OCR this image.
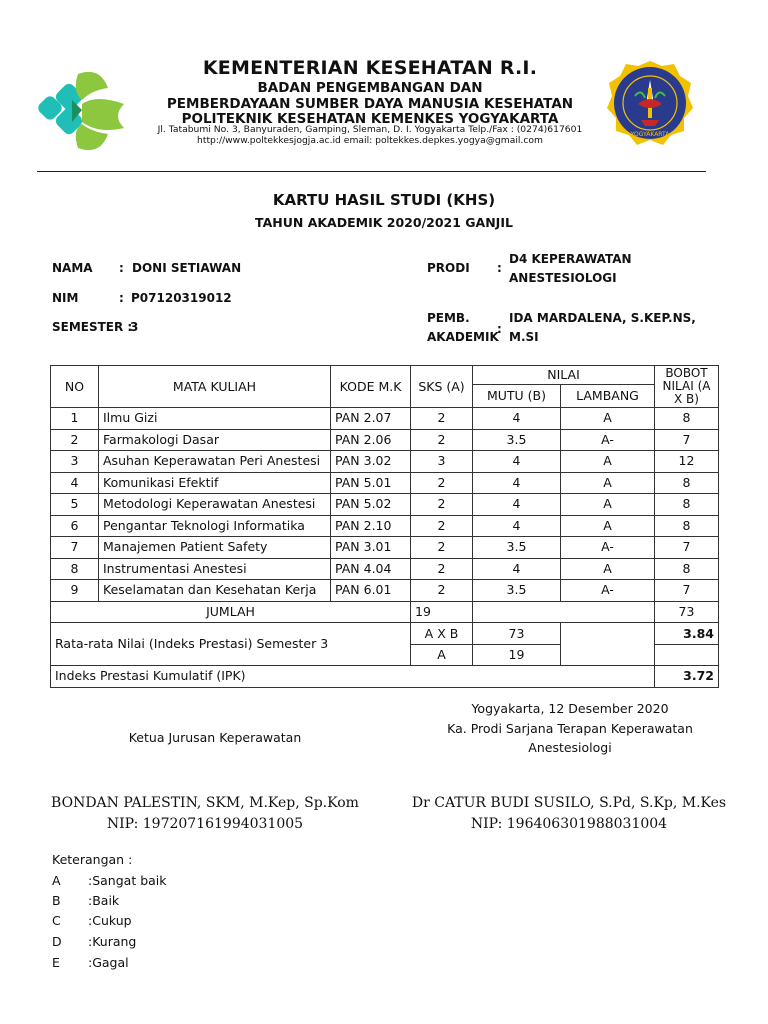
YOGYAKARTA
KEMENTERIAN KESEHATAN R.I.
BADAN PENGEMBANGAN DAN
PEMBERDAYAAN SUMBER DAYA MANUSIA KESEHATAN
POLITEKNIK KESEHATAN KEMENKES YOGYAKARTA
Jl. Tatabumi No. 3, Banyuraden, Gamping, Sleman, D. I. Yogyakarta Telp./Fax : (0274)617601
http://www.poltekkesjogja.ac.id email: poltekkes.depkes.yogya@gmail.com
KARTU HASIL STUDI (KHS)
TAHUN AKADEMIK 2020/2021 GANJIL
NAMA : DONI SETIAWAN
NIM	: P07120319012
SEMESTER :
3
PRODI :
D4 KEPERAWATAN
ANESTESIOLOGI
PEMB.
AKADEMIK
:
IDA MARDALENA, S.KEP.NS,
M.SI
NO	MATA KULIAH	KODE M.K	SKS (A)	NILAI		BOBOT NILAI (A X B)
				MUTU (B)	LAMBANG	
1	Ilmu Gizi	PAN 2.07	2	4	A	8
2	Farmakologi Dasar	PAN 2.06	2	3.5	A-	7
3	Asuhan Keperawatan Peri Anestesi	PAN 3.02	3	4	A	12
4	Komunikasi Efektif	PAN 5.01	2	4	A	8
5	Metodologi Keperawatan Anestesi	PAN 5.02	2	4	A	8
6	Pengantar Teknologi Informatika	PAN 2.10	2	4	A	8
7	Manajemen Patient Safety	PAN 3.01	2	3.5	A-	7
8	Instrumentasi Anestesi	PAN 4.04	2	4	A	8
9	Keselamatan dan Kesehatan Kerja	PAN 6.01	2	3.5	A-	7
JUMLAH			19			73
Rata-rata Nilai (Indeks Prestasi) Semester 3			A X B	73		3.84
			A	19		
Indeks Prestasi Kumulatif (IPK)						3.72
Yogyakarta, 12 Desember 2020
Ketua Jurusan Keperawatan
Ka. Prodi Sarjana Terapan Keperawatan
Anestesiologi
BONDAN PALESTIN, SKM, M.Kep, Sp.Kom
NIP: 197207161994031005
Dr CATUR BUDI SUSILO, S.Pd, S.Kp, M.Kes
NIP: 196406301988031004
Keterangan :
A :Sangat baik
B :Baik
C :Cukup
D :Kurang
E :Gagal
